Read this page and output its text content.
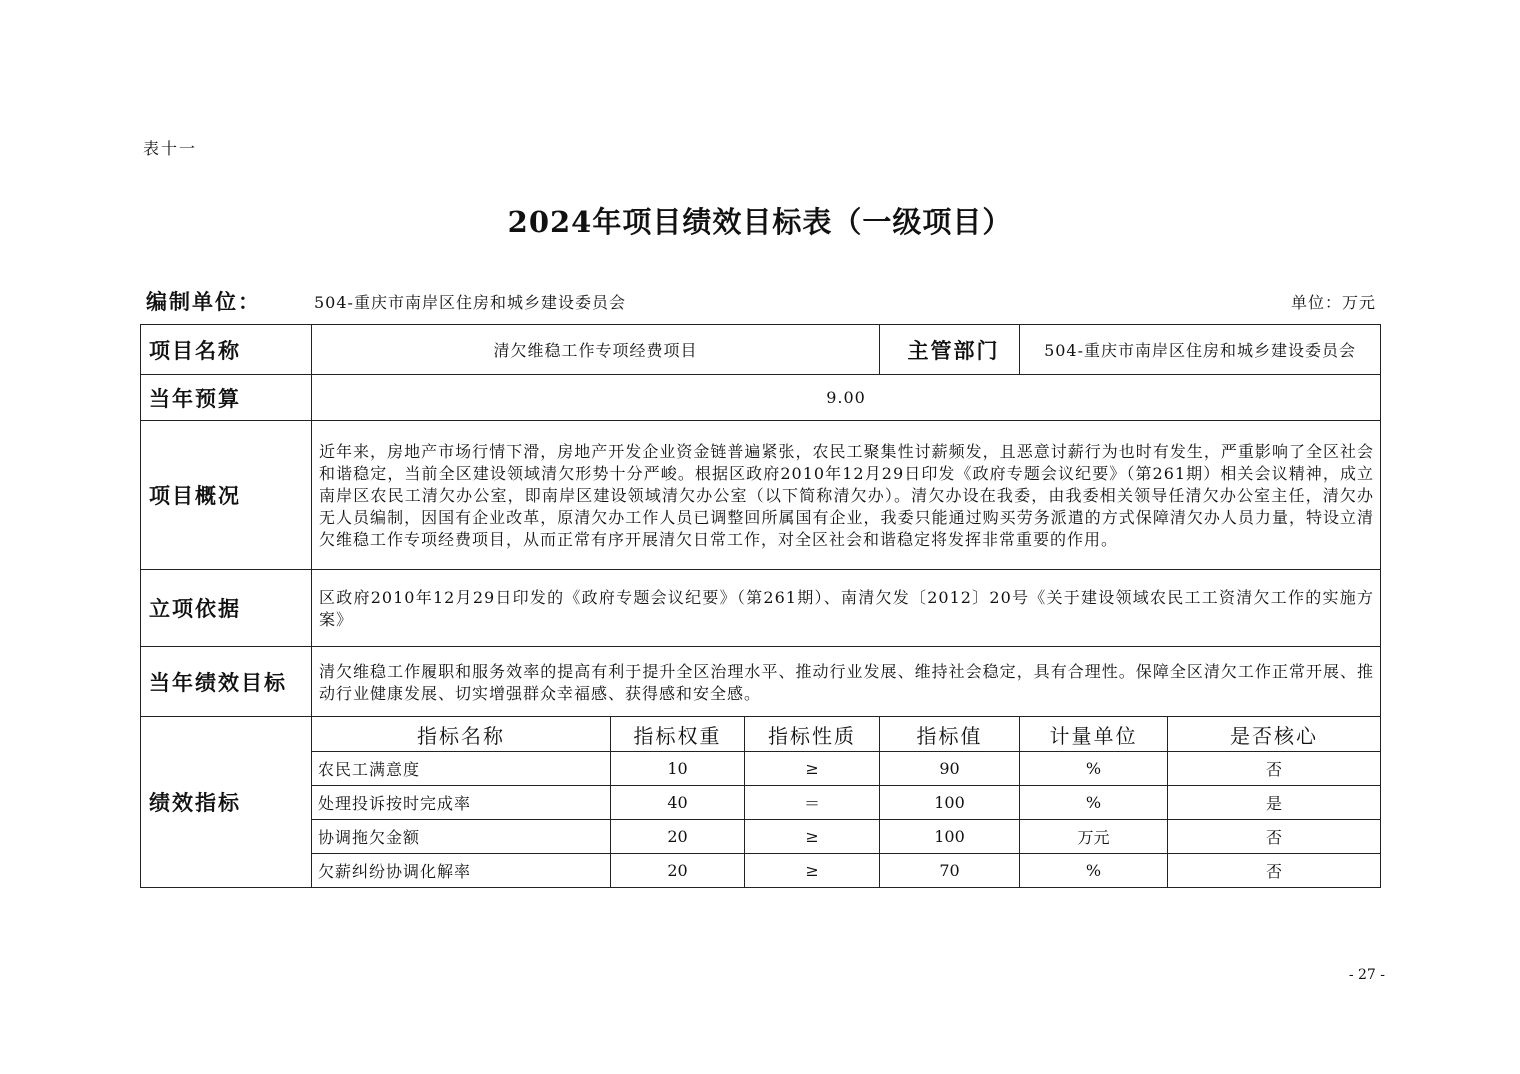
表十一
2024年项目绩效目标表（一级项目）
编制单位：	504-重庆市南岸区住房和城乡建设委员会	单位：万元
项目名称	清欠维稳工作专项经费项目			主管部门	504-重庆市南岸区住房和城乡建设委员会	
当年预算	9.00					
项目概况	近年来，房地产市场行情下滑，房地产开发企业资金链普遍紧张，农民工聚集性讨薪频发，且恶意讨薪行为也时有发生，严重影响了全区社会和谐稳定，当前全区建设领域清欠形势十分严峻。根据区政府2010年12月29日印发《政府专题会议纪要》（第261期）相关会议精神，成立南岸区农民工清欠办公室，即南岸区建设领域清欠办公室（以下简称清欠办）。清欠办设在我委，由我委相关领导任清欠办公室主任，清欠办无人员编制，因国有企业改革，原清欠办工作人员已调整回所属国有企业，我委只能通过购买劳务派遣的方式保障清欠办人员力量，特设立清欠维稳工作专项经费项目，从而正常有序开展清欠日常工作，对全区社会和谐稳定将发挥非常重要的作用。					
立项依据	区政府2010年12月29日印发的《政府专题会议纪要》（第261期）、南清欠发〔2012〕20号《关于建设领域农民工工资清欠工作的实施方案》					
当年绩效目标	清欠维稳工作履职和服务效率的提高有利于提升全区治理水平、推动行业发展、维持社会稳定，具有合理性。保障全区清欠工作正常开展、推动行业健康发展、切实增强群众幸福感、获得感和安全感。					
绩效指标	指标名称	指标权重	指标性质	指标值	计量单位	是否核心
	农民工满意度	10	≥	90	%	否
	处理投诉按时完成率	40	＝	100	%	是
	协调拖欠金额	20	≥	100	万元	否
	欠薪纠纷协调化解率	20	≥	70	%	否
- 27 -
